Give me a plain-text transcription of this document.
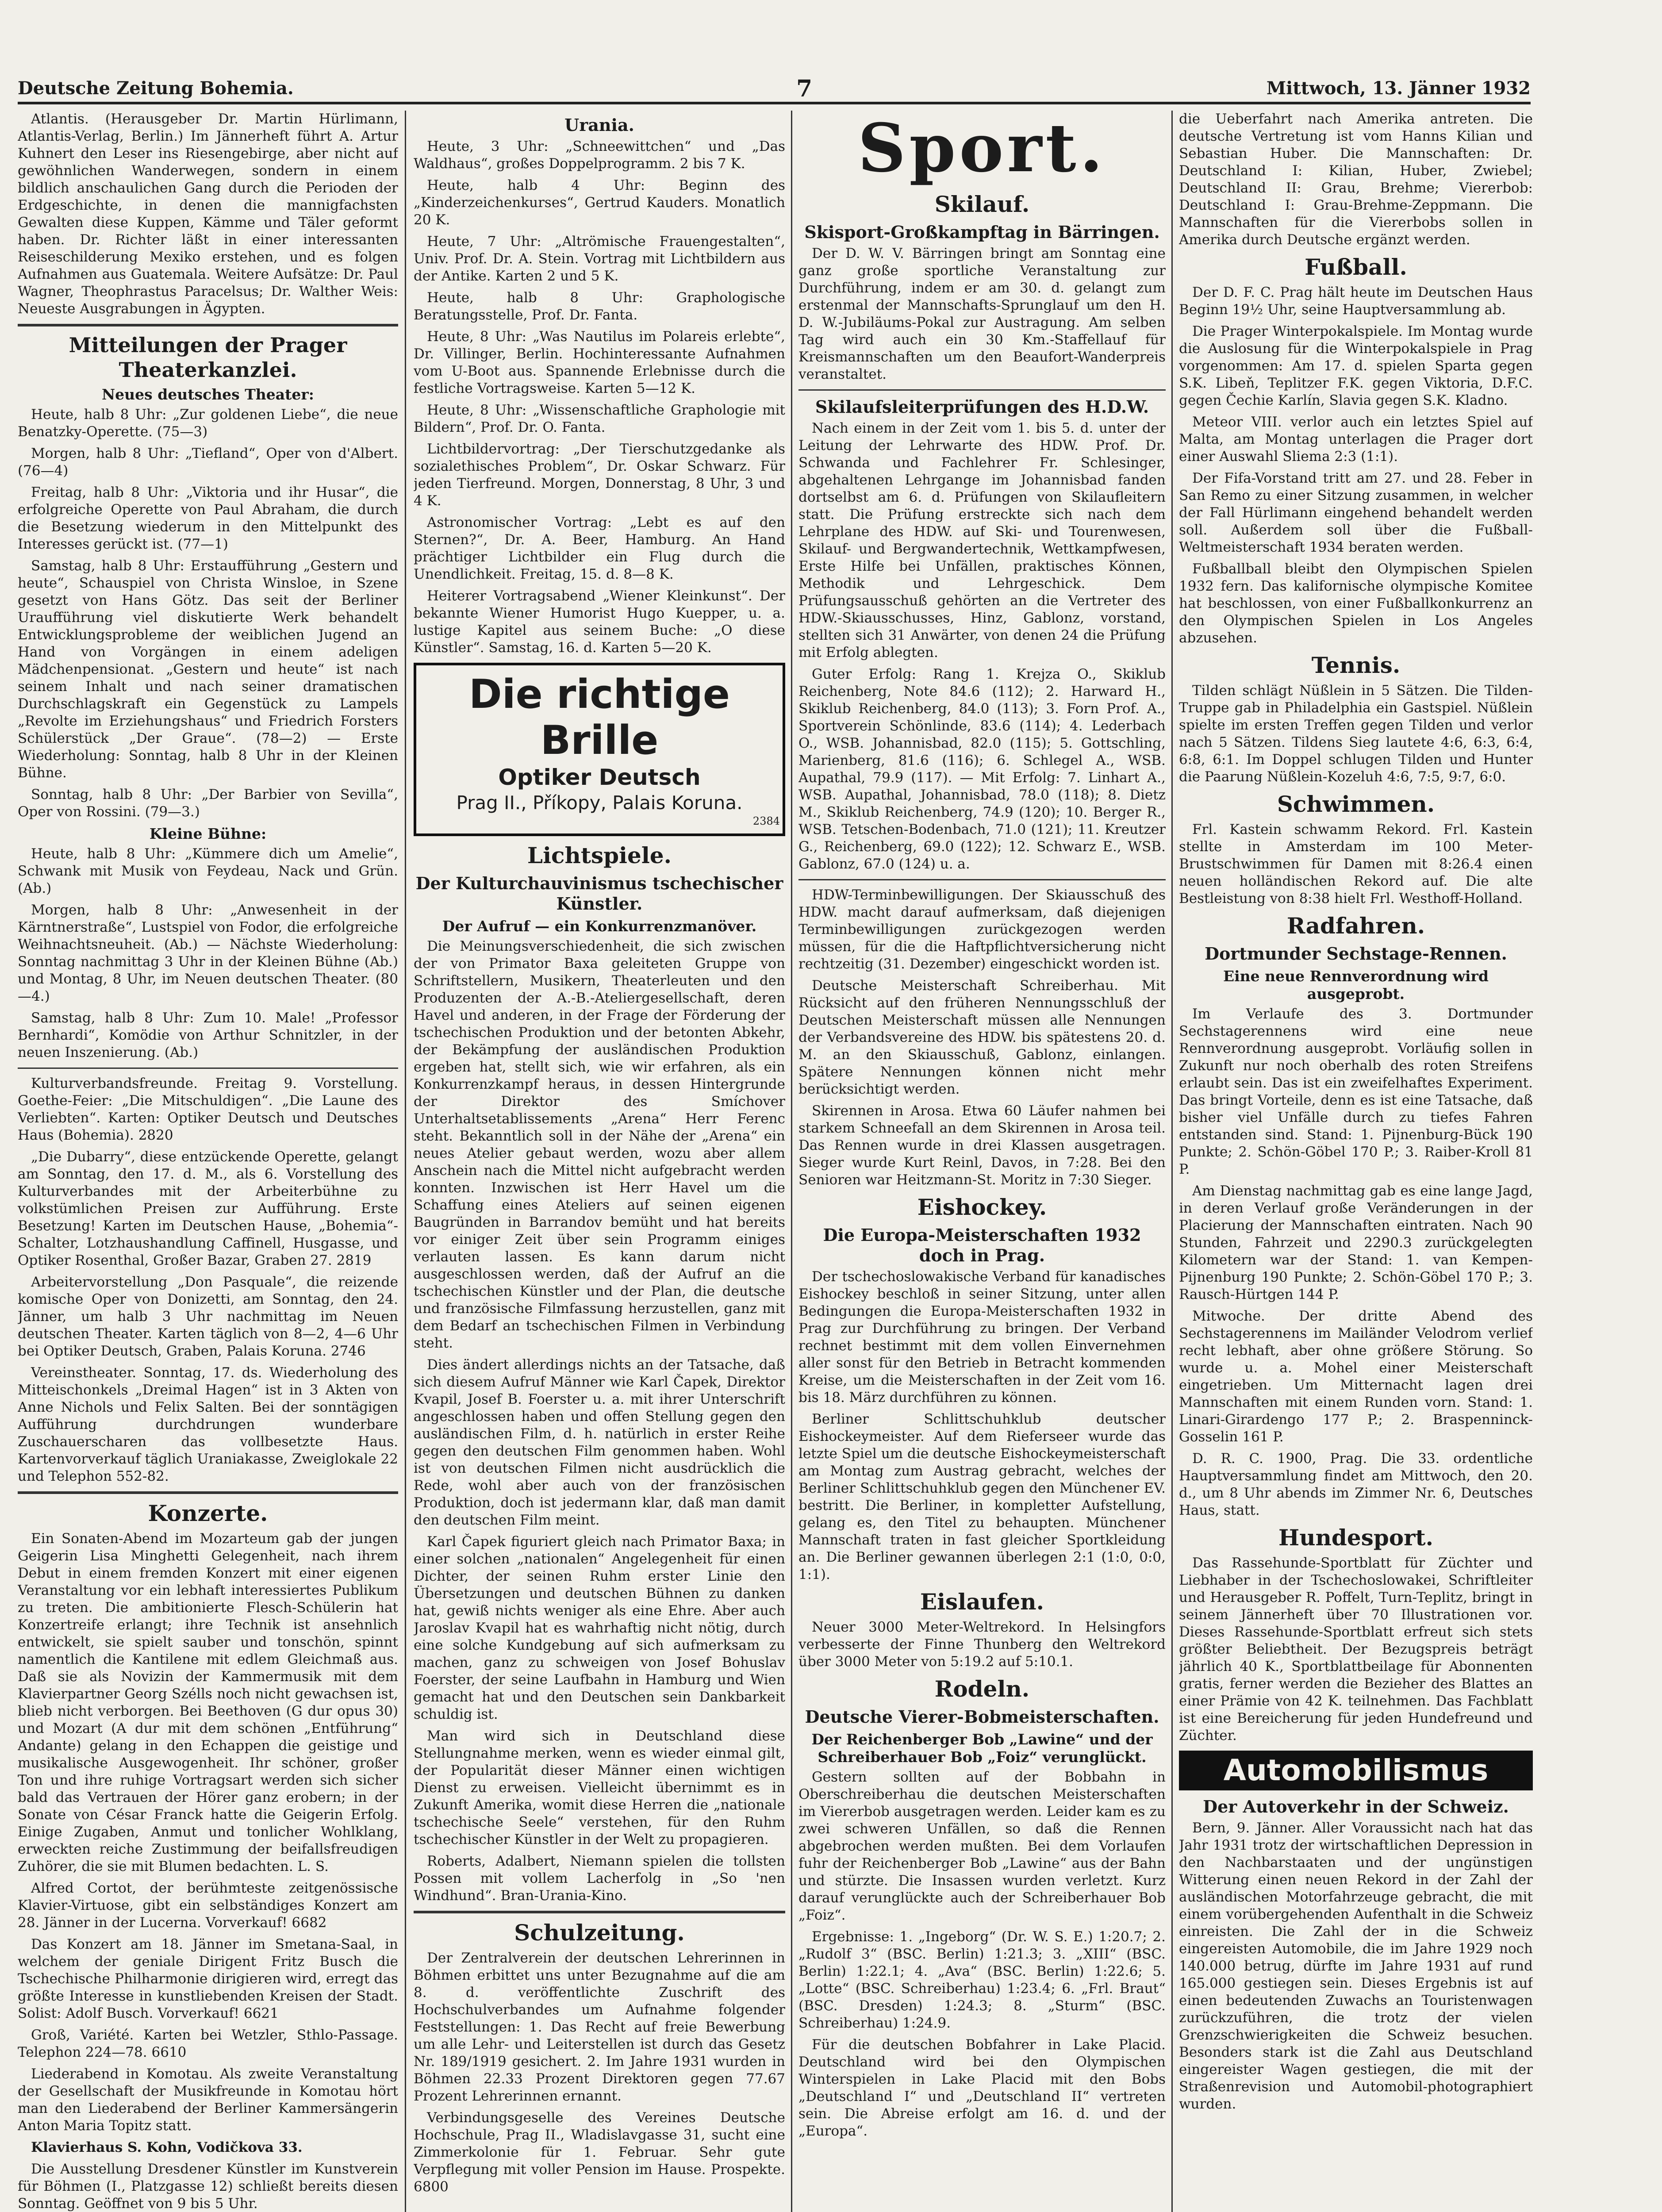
Deutsche Zeitung Bohemia.	7	Mittwoch, 13. Jänner 1932

Atlantis. (Herausgeber Dr. Martin Hürlimann, Atlantis-Verlag, Berlin.) Im Jännerheft führt A. Artur Kuhnert den Leser ins Riesengebirge, aber nicht auf gewöhnlichen Wanderwegen, sondern in einem bildlich anschaulichen Gang durch die Perioden der Erdgeschichte, in denen die mannigfachsten Gewalten diese Kuppen, Kämme und Täler geformt haben. Dr. Richter läßt in einer interessanten Reiseschilderung Mexiko erstehen, und es folgen Aufnahmen aus Guatemala. Weitere Aufsätze: Dr. Paul Wagner, Theophrastus Paracelsus; Dr. Walther Weis: Neueste Ausgrabungen in Ägypten.

Mitteilungen der Prager Theaterkanzlei.
Neues deutsches Theater:

Heute, halb 8 Uhr: „Zur goldenen Liebe“, die neue Benatzky-Operette. (75—3)

Morgen, halb 8 Uhr: „Tiefland“, Oper von d'Albert. (76—4)

Freitag, halb 8 Uhr: „Viktoria und ihr Husar“, die erfolgreiche Operette von Paul Abraham, die durch die Besetzung wiederum in den Mittelpunkt des Interesses gerückt ist. (77—1)

Samstag, halb 8 Uhr: Erstaufführung „Gestern und heute“, Schauspiel von Christa Winsloe, in Szene gesetzt von Hans Götz. Das seit der Berliner Uraufführung viel diskutierte Werk behandelt Entwicklungsprobleme der weiblichen Jugend an Hand von Vorgängen in einem adeligen Mädchenpensionat. „Gestern und heute“ ist nach seinem Inhalt und nach seiner dramatischen Durchschlagskraft ein Gegenstück zu Lampels „Revolte im Erziehungshaus“ und Friedrich Forsters Schülerstück „Der Graue“. (78—2) — Erste Wiederholung: Sonntag, halb 8 Uhr in der Kleinen Bühne.

Sonntag, halb 8 Uhr: „Der Barbier von Sevilla“, Oper von Rossini. (79—3.)

Kleine Bühne:

Heute, halb 8 Uhr: „Kümmere dich um Amelie“, Schwank mit Musik von Feydeau, Nack und Grün. (Ab.)

Morgen, halb 8 Uhr: „Anwesenheit in der Kärntnerstraße“, Lustspiel von Fodor, die erfolgreiche Weihnachtsneuheit. (Ab.) — Nächste Wiederholung: Sonntag nachmittag 3 Uhr in der Kleinen Bühne (Ab.) und Montag, 8 Uhr, im Neuen deutschen Theater. (80—4.)

Samstag, halb 8 Uhr: Zum 10. Male! „Professor Bernhardi“, Komödie von Arthur Schnitzler, in der neuen Inszenierung. (Ab.)

Kulturverbandsfreunde. Freitag 9. Vorstellung. Goethe-Feier: „Die Mitschuldigen“. „Die Laune des Verliebten“. Karten: Optiker Deutsch und Deutsches Haus (Bohemia). 2820

„Die Dubarry“, diese entzückende Operette, gelangt am Sonntag, den 17. d. M., als 6. Vorstellung des Kulturverbandes mit der Arbeiterbühne zu volkstümlichen Preisen zur Aufführung. Erste Besetzung! Karten im Deutschen Hause, „Bohemia“-Schalter, Lotzhaushandlung Caffinell, Husgasse, und Optiker Rosenthal, Großer Bazar, Graben 27. 2819

Arbeitervorstellung „Don Pasquale“, die reizende komische Oper von Donizetti, am Sonntag, den 24. Jänner, um halb 3 Uhr nachmittag im Neuen deutschen Theater. Karten täglich von 8—2, 4—6 Uhr bei Optiker Deutsch, Graben, Palais Koruna. 2746

Vereinstheater. Sonntag, 17. ds. Wiederholung des Mitteischonkels „Dreimal Hagen“ ist in 3 Akten von Anne Nichols und Felix Salten. Bei der sonntägigen Aufführung durchdrungen wunderbare Zuschauerscharen das vollbesetzte Haus. Kartenvorverkauf täglich Uraniakasse, Zweiglokale 22 und Telephon 552-82.

Konzerte.

Ein Sonaten-Abend im Mozarteum gab der jungen Geigerin Lisa Minghetti Gelegenheit, nach ihrem Debut in einem fremden Konzert mit einer eigenen Veranstaltung vor ein lebhaft interessiertes Publikum zu treten. Die ambitionierte Flesch-Schülerin hat Konzertreife erlangt; ihre Technik ist ansehnlich entwickelt, sie spielt sauber und tonschön, spinnt namentlich die Kantilene mit edlem Gleichmaß aus. Daß sie als Novizin der Kammermusik mit dem Klavierpartner Georg Szélls noch nicht gewachsen ist, blieb nicht verborgen. Bei Beethoven (G dur opus 30) und Mozart (A dur mit dem schönen „Entführung“ Andante) gelang in den Echappen die geistige und musikalische Ausgewogenheit. Ihr schöner, großer Ton und ihre ruhige Vortragsart werden sich sicher bald das Vertrauen der Hörer ganz erobern; in der Sonate von César Franck hatte die Geigerin Erfolg. Einige Zugaben, Anmut und tonlicher Wohlklang, erweckten reiche Zustimmung der beifallsfreudigen Zuhörer, die sie mit Blumen bedachten. L. S.

Alfred Cortot, der berühmteste zeitgenössische Klavier-Virtuose, gibt ein selbständiges Konzert am 28. Jänner in der Lucerna. Vorverkauf! 6682

Das Konzert am 18. Jänner im Smetana-Saal, in welchem der geniale Dirigent Fritz Busch die Tschechische Philharmonie dirigieren wird, erregt das größte Interesse in kunstliebenden Kreisen der Stadt. Solist: Adolf Busch. Vorverkauf! 6621

Groß, Variété. Karten bei Wetzler, Sthlo-Passage. Telephon 224—78. 6610

Liederabend in Komotau. Als zweite Veranstaltung der Gesellschaft der Musikfreunde in Komotau hört man den Liederabend der Berliner Kammersängerin Anton Maria Topitz statt.

Klavierhaus S. Kohn, Vodičkova 33.

Die Ausstellung Dresdener Künstler im Kunstverein für Böhmen (I., Platzgasse 12) schließt bereits diesen Sonntag. Geöffnet von 9 bis 5 Uhr.

Urania.

Heute, 3 Uhr: „Schneewittchen“ und „Das Waldhaus“, großes Doppelprogramm. 2 bis 7 K.

Heute, halb 4 Uhr: Beginn des „Kinderzeichenkurses“, Gertrud Kauders. Monatlich 20 K.

Heute, 7 Uhr: „Altrömische Frauengestalten“, Univ. Prof. Dr. A. Stein. Vortrag mit Lichtbildern aus der Antike. Karten 2 und 5 K.

Heute, halb 8 Uhr: Graphologische Beratungsstelle, Prof. Dr. Fanta.

Heute, 8 Uhr: „Was Nautilus im Polareis erlebte“, Dr. Villinger, Berlin. Hochinteressante Aufnahmen vom U-Boot aus. Spannende Erlebnisse durch die festliche Vortragsweise. Karten 5—12 K.

Heute, 8 Uhr: „Wissenschaftliche Graphologie mit Bildern“, Prof. Dr. O. Fanta.

Lichtbildervortrag: „Der Tierschutzgedanke als sozialethisches Problem“, Dr. Oskar Schwarz. Für jeden Tierfreund. Morgen, Donnerstag, 8 Uhr, 3 und 4 K.

Astronomischer Vortrag: „Lebt es auf den Sternen?“, Dr. A. Beer, Hamburg. An Hand prächtiger Lichtbilder ein Flug durch die Unendlichkeit. Freitag, 15. d. 8—8 K.

Heiterer Vortragsabend „Wiener Kleinkunst“. Der bekannte Wiener Humorist Hugo Kuepper, u. a. lustige Kapitel aus seinem Buche: „O diese Künstler“. Samstag, 16. d. Karten 5—20 K.

Die richtige Brille
Optiker Deutsch
Prag II., Příkopy, Palais Koruna.
2384
Lichtspiele.
Der Kulturchauvinismus tschechischer Künstler.
Der Aufruf — ein Konkurrenzmanöver.

Die Meinungsverschiedenheit, die sich zwischen der von Primator Baxa geleiteten Gruppe von Schriftstellern, Musikern, Theaterleuten und den Produzenten der A.-B.-Ateliergesellschaft, deren Havel und anderen, in der Frage der Förderung der tschechischen Produktion und der betonten Abkehr, der Bekämpfung der ausländischen Produktion ergeben hat, stellt sich, wie wir erfahren, als ein Konkurrenzkampf heraus, in dessen Hintergrunde der Direktor des Smíchover Unterhaltsetablissements „Arena“ Herr Ferenc steht. Bekanntlich soll in der Nähe der „Arena“ ein neues Atelier gebaut werden, wozu aber allem Anschein nach die Mittel nicht aufgebracht werden konnten. Inzwischen ist Herr Havel um die Schaffung eines Ateliers auf seinen eigenen Baugründen in Barrandov bemüht und hat bereits vor einiger Zeit über sein Programm einiges verlauten lassen. Es kann darum nicht ausgeschlossen werden, daß der Aufruf an die tschechischen Künstler und der Plan, die deutsche und französische Filmfassung herzustellen, ganz mit dem Bedarf an tschechischen Filmen in Verbindung steht.

Dies ändert allerdings nichts an der Tatsache, daß sich diesem Aufruf Männer wie Karl Čapek, Direktor Kvapil, Josef B. Foerster u. a. mit ihrer Unterschrift angeschlossen haben und offen Stellung gegen den ausländischen Film, d. h. natürlich in erster Reihe gegen den deutschen Film genommen haben. Wohl ist von deutschen Filmen nicht ausdrücklich die Rede, wohl aber auch von der französischen Produktion, doch ist jedermann klar, daß man damit den deutschen Film meint.

Karl Čapek figuriert gleich nach Primator Baxa; in einer solchen „nationalen“ Angelegenheit für einen Dichter, der seinen Ruhm erster Linie den Übersetzungen und deutschen Bühnen zu danken hat, gewiß nichts weniger als eine Ehre. Aber auch Jaroslav Kvapil hat es wahrhaftig nicht nötig, durch eine solche Kundgebung auf sich aufmerksam zu machen, ganz zu schweigen von Josef Bohuslav Foerster, der seine Laufbahn in Hamburg und Wien gemacht hat und den Deutschen sein Dankbarkeit schuldig ist.

Man wird sich in Deutschland diese Stellungnahme merken, wenn es wieder einmal gilt, der Popularität dieser Männer einen wichtigen Dienst zu erweisen. Vielleicht übernimmt es in Zukunft Amerika, womit diese Herren die „nationale tschechische Seele“ verstehen, für den Ruhm tschechischer Künstler in der Welt zu propagieren.

Roberts, Adalbert, Niemann spielen die tollsten Possen mit vollem Lacherfolg in „So 'nen Windhund“. Bran-Urania-Kino.

Schulzeitung.

Der Zentralverein der deutschen Lehrerinnen in Böhmen erbittet uns unter Bezugnahme auf die am 8. d. veröffentlichte Zuschrift des Hochschulverbandes um Aufnahme folgender Feststellungen: 1. Das Recht auf freie Bewerbung um alle Lehr- und Leiterstellen ist durch das Gesetz Nr. 189/1919 gesichert. 2. Im Jahre 1931 wurden in Böhmen 22.33 Prozent Direktoren gegen 77.67 Prozent Lehrerinnen ernannt.

Verbindungsgeselle des Vereines Deutsche Hochschule, Prag II., Wladislavgasse 31, sucht eine Zimmerkolonie für 1. Februar. Sehr gute Verpflegung mit voller Pension im Hause. Prospekte. 6800

Sport.
Skilauf.
Skisport-Großkampftag in Bärringen.

Der D. W. V. Bärringen bringt am Sonntag eine ganz große sportliche Veranstaltung zur Durchführung, indem er am 30. d. gelangt zum erstenmal der Mannschafts-Sprunglauf um den H. D. W.-Jubiläums-Pokal zur Austragung. Am selben Tag wird auch ein 30 Km.-Staffellauf für Kreismannschaften um den Beaufort-Wanderpreis veranstaltet.

Skilaufsleiterprüfungen des H.D.W.

Nach einem in der Zeit vom 1. bis 5. d. unter der Leitung der Lehrwarte des HDW. Prof. Dr. Schwanda und Fachlehrer Fr. Schlesinger, abgehaltenen Lehrgange im Johannisbad fanden dortselbst am 6. d. Prüfungen von Skilaufleitern statt. Die Prüfung erstreckte sich nach dem Lehrplane des HDW. auf Ski- und Tourenwesen, Skilauf- und Bergwandertechnik, Wettkampfwesen, Erste Hilfe bei Unfällen, praktisches Können, Methodik und Lehrgeschick. Dem Prüfungsausschuß gehörten an die Vertreter des HDW.-Skiausschusses, Hinz, Gablonz, vorstand, stellten sich 31 Anwärter, von denen 24 die Prüfung mit Erfolg ablegten.

Guter Erfolg: Rang 1. Krejza O., Skiklub Reichenberg, Note 84.6 (112); 2. Harward H., Skiklub Reichenberg, 84.0 (113); 3. Forn Prof. A., Sportverein Schönlinde, 83.6 (114); 4. Lederbach O., WSB. Johannisbad, 82.0 (115); 5. Gottschling, Marienberg, 81.6 (116); 6. Schlegel A., WSB. Aupathal, 79.9 (117). — Mit Erfolg: 7. Linhart A., WSB. Aupathal, Johannisbad, 78.0 (118); 8. Dietz M., Skiklub Reichenberg, 74.9 (120); 10. Berger R., WSB. Tetschen-Bodenbach, 71.0 (121); 11. Kreutzer G., Reichenberg, 69.0 (122); 12. Schwarz E., WSB. Gablonz, 67.0 (124) u. a.

HDW-Terminbewilligungen. Der Skiausschuß des HDW. macht darauf aufmerksam, daß diejenigen Terminbewilligungen zurückgezogen werden müssen, für die die Haftpflichtversicherung nicht rechtzeitig (31. Dezember) eingeschickt worden ist.

Deutsche Meisterschaft Schreiberhau. Mit Rücksicht auf den früheren Nennungsschluß der Deutschen Meisterschaft müssen alle Nennungen der Verbandsvereine des HDW. bis spätestens 20. d. M. an den Skiausschuß, Gablonz, einlangen. Spätere Nennungen können nicht mehr berücksichtigt werden.

Skirennen in Arosa. Etwa 60 Läufer nahmen bei starkem Schneefall an dem Skirennen in Arosa teil. Das Rennen wurde in drei Klassen ausgetragen. Sieger wurde Kurt Reinl, Davos, in 7:28. Bei den Senioren war Heitzmann-St. Moritz in 7:30 Sieger.

Eishockey.
Die Europa-Meisterschaften 1932 doch in Prag.

Der tschechoslowakische Verband für kanadisches Eishockey beschloß in seiner Sitzung, unter allen Bedingungen die Europa-Meisterschaften 1932 in Prag zur Durchführung zu bringen. Der Verband rechnet bestimmt mit dem vollen Einvernehmen aller sonst für den Betrieb in Betracht kommenden Kreise, um die Meisterschaften in der Zeit vom 16. bis 18. März durchführen zu können.

Berliner Schlittschuhklub deutscher Eishockeymeister. Auf dem Rieferseer wurde das letzte Spiel um die deutsche Eishockeymeisterschaft am Montag zum Austrag gebracht, welches der Berliner Schlittschuhklub gegen den Münchener EV. bestritt. Die Berliner, in kompletter Aufstellung, gelang es, den Titel zu behaupten. Münchener Mannschaft traten in fast gleicher Sportkleidung an. Die Berliner gewannen überlegen 2:1 (1:0, 0:0, 1:1).

Eislaufen.

Neuer 3000 Meter-Weltrekord. In Helsingfors verbesserte der Finne Thunberg den Weltrekord über 3000 Meter von 5:19.2 auf 5:10.1.

Rodeln.
Deutsche Vierer-Bobmeisterschaften.
Der Reichenberger Bob „Lawine“ und der Schreiberhauer Bob „Foiz“ verunglückt.

Gestern sollten auf der Bobbahn in Oberschreiberhau die deutschen Meisterschaften im Viererbob ausgetragen werden. Leider kam es zu zwei schweren Unfällen, so daß die Rennen abgebrochen werden mußten. Bei dem Vorlaufen fuhr der Reichenberger Bob „Lawine“ aus der Bahn und stürzte. Die Insassen wurden verletzt. Kurz darauf verunglückte auch der Schreiberhauer Bob „Foiz“.

Ergebnisse: 1. „Ingeborg“ (Dr. W. S. E.) 1:20.7; 2. „Rudolf 3“ (BSC. Berlin) 1:21.3; 3. „XIII“ (BSC. Berlin) 1:22.1; 4. „Ava“ (BSC. Berlin) 1:22.6; 5. „Lotte“ (BSC. Schreiberhau) 1:23.4; 6. „Frl. Braut“ (BSC. Dresden) 1:24.3; 8. „Sturm“ (BSC. Schreiberhau) 1:24.9.

Für die deutschen Bobfahrer in Lake Placid. Deutschland wird bei den Olympischen Winterspielen in Lake Placid mit den Bobs „Deutschland I“ und „Deutschland II“ vertreten sein. Die Abreise erfolgt am 16. d. und der „Europa“.

die Ueberfahrt nach Amerika antreten. Die deutsche Vertretung ist vom Hanns Kilian und Sebastian Huber. Die Mannschaften: Dr. Deutschland I: Kilian, Huber, Zwiebel; Deutschland II: Grau, Brehme; Viererbob: Deutschland I: Grau-Brehme-Zeppmann. Die Mannschaften für die Viererbobs sollen in Amerika durch Deutsche ergänzt werden.

Fußball.

Der D. F. C. Prag hält heute im Deutschen Haus Beginn 19½ Uhr, seine Hauptversammlung ab.

Die Prager Winterpokalspiele. Im Montag wurde die Auslosung für die Winterpokalspiele in Prag vorgenommen: Am 17. d. spielen Sparta gegen S.K. Libeň, Teplitzer F.K. gegen Viktoria, D.F.C. gegen Čechie Karlín, Slavia gegen S.K. Kladno.

Meteor VIII. verlor auch ein letztes Spiel auf Malta, am Montag unterlagen die Prager dort einer Auswahl Sliema 2:3 (1:1).

Der Fifa-Vorstand tritt am 27. und 28. Feber in San Remo zu einer Sitzung zusammen, in welcher der Fall Hürlimann eingehend behandelt werden soll. Außerdem soll über die Fußball-Weltmeisterschaft 1934 beraten werden.

Fußballball bleibt den Olympischen Spielen 1932 fern. Das kalifornische olympische Komitee hat beschlossen, von einer Fußballkonkurrenz an den Olympischen Spielen in Los Angeles abzusehen.

Tennis.

Tilden schlägt Nüßlein in 5 Sätzen. Die Tilden-Truppe gab in Philadelphia ein Gastspiel. Nüßlein spielte im ersten Treffen gegen Tilden und verlor nach 5 Sätzen. Tildens Sieg lautete 4:6, 6:3, 6:4, 6:8, 6:1. Im Doppel schlugen Tilden und Hunter die Paarung Nüßlein-Kozeluh 4:6, 7:5, 9:7, 6:0.

Schwimmen.

Frl. Kastein schwamm Rekord. Frl. Kastein stellte in Amsterdam im 100 Meter-Brustschwimmen für Damen mit 8:26.4 einen neuen holländischen Rekord auf. Die alte Bestleistung von 8:38 hielt Frl. Westhoff-Holland.

Radfahren.
Dortmunder Sechstage-Rennen.
Eine neue Rennverordnung wird ausgeprobt.

Im Verlaufe des 3. Dortmunder Sechstagerennens wird eine neue Rennverordnung ausgeprobt. Vorläufig sollen in Zukunft nur noch oberhalb des roten Streifens erlaubt sein. Das ist ein zweifelhaftes Experiment. Das bringt Vorteile, denn es ist eine Tatsache, daß bisher viel Unfälle durch zu tiefes Fahren entstanden sind. Stand: 1. Pijnenburg-Bück 190 Punkte; 2. Schön-Göbel 170 P.; 3. Raiber-Kroll 81 P.

Am Dienstag nachmittag gab es eine lange Jagd, in deren Verlauf große Veränderungen in der Placierung der Mannschaften eintraten. Nach 90 Stunden, Fahrzeit und 2290.3 zurückgelegten Kilometern war der Stand: 1. van Kempen-Pijnenburg 190 Punkte; 2. Schön-Göbel 170 P.; 3. Rausch-Hürtgen 144 P.

Mitwoche. Der dritte Abend des Sechstagerennens im Mailänder Velodrom verlief recht lebhaft, aber ohne größere Störung. So wurde u. a. Mohel einer Meisterschaft eingetrieben. Um Mitternacht lagen drei Mannschaften mit einem Runden vorn. Stand: 1. Linari-Girardengo 177 P.; 2. Braspenninck-Gosselin 161 P.

D. R. C. 1900, Prag. Die 33. ordentliche Hauptversammlung findet am Mittwoch, den 20. d., um 8 Uhr abends im Zimmer Nr. 6, Deutsches Haus, statt.

Hundesport.

Das Rassehunde-Sportblatt für Züchter und Liebhaber in der Tschechoslowakei, Schriftleiter und Herausgeber R. Poffelt, Turn-Teplitz, bringt in seinem Jännerheft über 70 Illustrationen vor. Dieses Rassehunde-Sportblatt erfreut sich stets größter Beliebtheit. Der Bezugspreis beträgt jährlich 40 K., Sportblattbeilage für Abonnenten gratis, ferner werden die Bezieher des Blattes an einer Prämie von 42 K. teilnehmen. Das Fachblatt ist eine Bereicherung für jeden Hundefreund und Züchter.

Automobilismus
Der Autoverkehr in der Schweiz.

Bern, 9. Jänner. Aller Voraussicht nach hat das Jahr 1931 trotz der wirtschaftlichen Depression in den Nachbarstaaten und der ungünstigen Witterung einen neuen Rekord in der Zahl der ausländischen Motorfahrzeuge gebracht, die mit einem vorübergehenden Aufenthalt in die Schweiz einreisten. Die Zahl der in die Schweiz eingereisten Automobile, die im Jahre 1929 noch 140.000 betrug, dürfte im Jahre 1931 auf rund 165.000 gestiegen sein. Dieses Ergebnis ist auf einen bedeutenden Zuwachs an Touristenwagen zurückzuführen, die trotz der vielen Grenzschwierigkeiten die Schweiz besuchen. Besonders stark ist die Zahl aus Deutschland eingereister Wagen gestiegen, die mit der Straßenrevision und Automobil-photographiert wurden.
